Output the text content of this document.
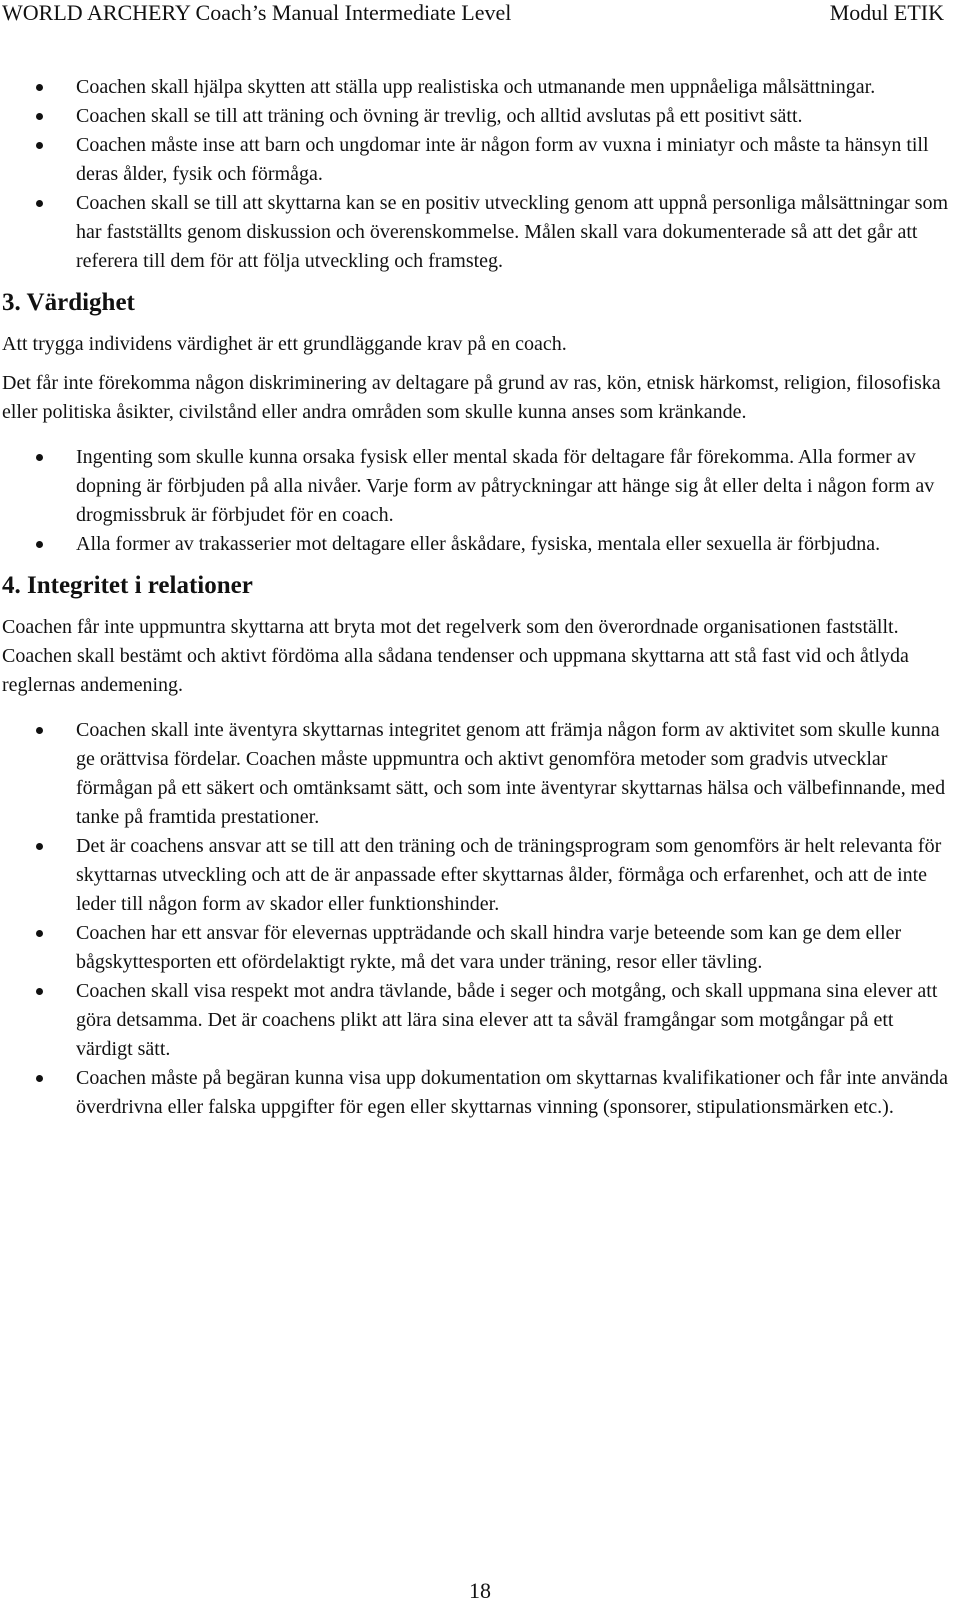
WORLD ARCHERY Coach’s Manual Intermediate Level	Modul ETIK
Coachen skall hjälpa skytten att ställa upp realistiska och utmanande men uppnåeliga målsättningar.
Coachen skall se till att träning och övning är trevlig, och alltid avslutas på ett positivt sätt.
Coachen måste inse att barn och ungdomar inte är någon form av vuxna i miniatyr och måste ta hänsyn till deras ålder, fysik och förmåga.
Coachen skall se till att skyttarna kan se en positiv utveckling genom att uppnå personliga målsättningar som har fastställts genom diskussion och överenskommelse. Målen skall vara dokumenterade så att det går att referera till dem för att följa utveckling och framsteg.
3. Värdighet

Att trygga individens värdighet är ett grundläggande krav på en coach.

Det får inte förekomma någon diskriminering av deltagare på grund av ras, kön, etnisk härkomst, religion, filosofiska eller politiska åsikter, civilstånd eller andra områden som skulle kunna anses som kränkande.

Ingenting som skulle kunna orsaka fysisk eller mental skada för deltagare får förekomma. Alla former av dopning är förbjuden på alla nivåer. Varje form av påtryckningar att hänge sig åt eller delta i någon form av drogmissbruk är förbjudet för en coach.
Alla former av trakasserier mot deltagare eller åskådare, fysiska, mentala eller sexuella är förbjudna.
4. Integritet i relationer

Coachen får inte uppmuntra skyttarna att bryta mot det regelverk som den överordnade organisationen fastställt. Coachen skall bestämt och aktivt fördöma alla sådana tendenser och uppmana skyttarna att stå fast vid och åtlyda reglernas andemening.

Coachen skall inte äventyra skyttarnas integritet genom att främja någon form av aktivitet som skulle kunna ge orättvisa fördelar. Coachen måste uppmuntra och aktivt genomföra metoder som gradvis utvecklar förmågan på ett säkert och omtänksamt sätt, och som inte äventyrar skyttarnas hälsa och välbefinnande, med tanke på framtida prestationer.
Det är coachens ansvar att se till att den träning och de träningsprogram som genomförs är helt relevanta för skyttarnas utveckling och att de är anpassade efter skyttarnas ålder, förmåga och erfarenhet, och att de inte leder till någon form av skador eller funktionshinder.
Coachen har ett ansvar för elevernas uppträdande och skall hindra varje beteende som kan ge dem eller bågskyttesporten ett ofördelaktigt rykte, må det vara under träning, resor eller tävling.
Coachen skall visa respekt mot andra tävlande, både i seger och motgång, och skall uppmana sina elever att göra detsamma. Det är coachens plikt att lära sina elever att ta såväl framgångar som motgångar på ett värdigt sätt.
Coachen måste på begäran kunna visa upp dokumentation om skyttarnas kvalifikationer och får inte använda överdrivna eller falska uppgifter för egen eller skyttarnas vinning (sponsorer, stipulationsmärken etc.).
18
